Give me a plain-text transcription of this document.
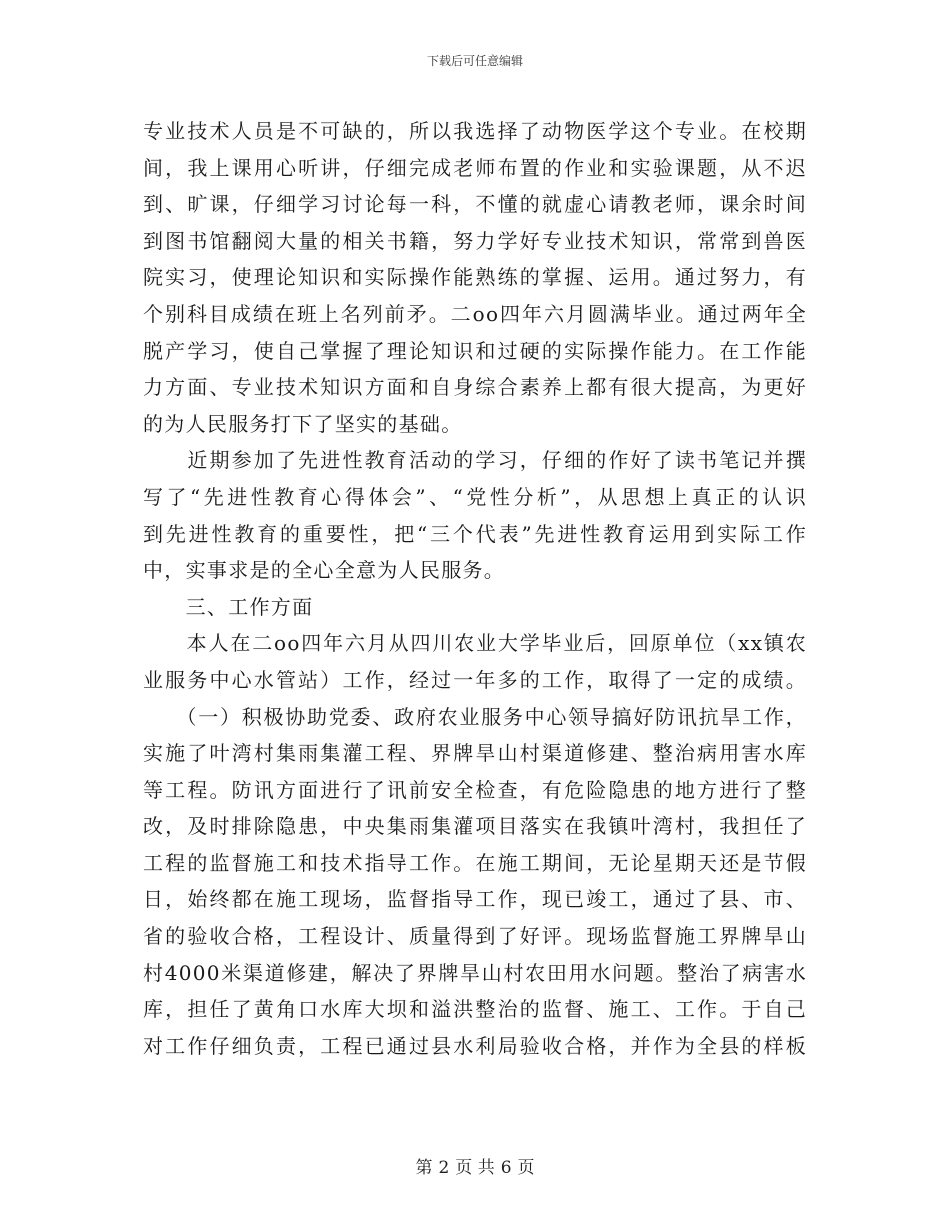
下载后可任意编辑
专业技术人员是不可缺的，所以我选择了动物医学这个专业。在校期
间，我上课用心听讲，仔细完成老师布置的作业和实验课题，从不迟
到、旷课，仔细学习讨论每一科，不懂的就虚心请教老师，课余时间
到图书馆翻阅大量的相关书籍，努力学好专业技术知识，常常到兽医
院实习，使理论知识和实际操作能熟练的掌握、运用。通过努力，有
个别科目成绩在班上名列前矛。二oo四年六月圆满毕业。通过两年全
脱产学习，使自己掌握了理论知识和过硬的实际操作能力。在工作能
力方面、专业技术知识方面和自身综合素养上都有很大提高，为更好
的为人民服务打下了坚实的基础。
　　近期参加了先进性教育活动的学习，仔细的作好了读书笔记并撰
写了“先进性教育心得体会”、“党性分析”，从思想上真正的认识
到先进性教育的重要性，把“三个代表”先进性教育运用到实际工作
中，实事求是的全心全意为人民服务。
　　三、工作方面
　　本人在二oo四年六月从四川农业大学毕业后，回原单位（xx镇农
业服务中心水管站）工作，经过一年多的工作，取得了一定的成绩。
　　（一）积极协助党委、政府农业服务中心领导搞好防讯抗旱工作，
实施了叶湾村集雨集灌工程、界牌旱山村渠道修建、整治病用害水库
等工程。防讯方面进行了讯前安全检查，有危险隐患的地方进行了整
改，及时排除隐患，中央集雨集灌项目落实在我镇叶湾村，我担任了
工程的监督施工和技术指导工作。在施工期间，无论星期天还是节假
日，始终都在施工现场，监督指导工作，现已竣工，通过了县、市、
省的验收合格，工程设计、质量得到了好评。现场监督施工界牌旱山
村4000米渠道修建，解决了界牌旱山村农田用水问题。整治了病害水
库，担任了黄角口水库大坝和溢洪整治的监督、施工、工作。于自己
对工作仔细负责，工程已通过县水利局验收合格，并作为全县的样板
第 2 页 共 6 页
